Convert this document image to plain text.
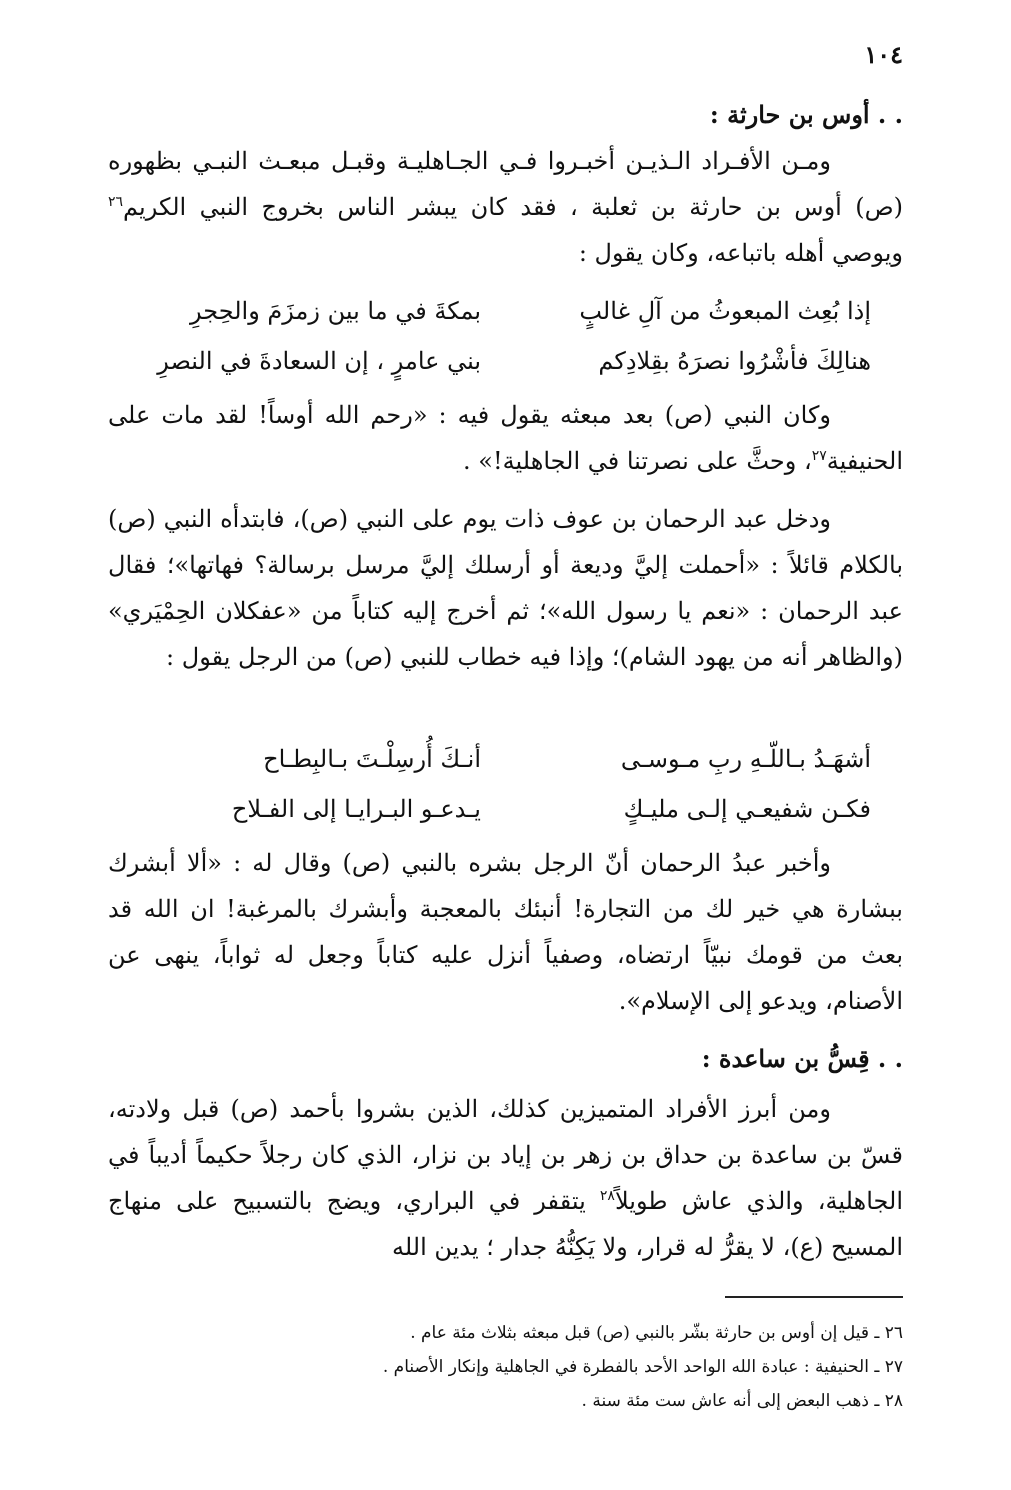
١٠٤
. . أوس بن حارثة :
ومـن الأفـراد الـذيـن أخبـروا فـي الجـاهليـة وقبـل مبعـث النبـي بظهوره (ص) أوس بن حارثة بن ثعلبة ، فقد كان يبشر الناس بخروج النبي الكريم$^{٢٦}$ ويوصي أهله باتباعه، وكان يقول :
إذا بُعِث المبعوثُ من آلِ غالبٍ
بمكةَ في ما بين زمزَمَ والحِجرِ
هنالِكَ فأشْرُوا نصرَهُ بقِلادِكم
بني عامرٍ ، إن السعادةَ في النصرِ
وكان النبي (ص) بعد مبعثه يقول فيه : «رحم الله أوساً! لقد مات على الحنيفية$^{٢٧}$، وحثَّ على نصرتنا في الجاهلية!» .
ودخل عبد الرحمان بن عوف ذات يوم على النبي (ص)، فابتدأه النبي (ص) بالكلام قائلاً : «أحملت إليَّ وديعة أو أرسلك إليَّ مرسل برسالة؟ فهاتها»؛ فقال عبد الرحمان : «نعم يا رسول الله»؛ ثم أخرج إليه كتاباً من «عفكلان الحِمْيَري» (والظاهر أنه من يهود الشام)؛ وإذا فيه خطاب للنبي (ص) من الرجل يقول :
أشهَـدُ بـاللّـهِ ربِ مـوسـى
أنـكَ أُرسِلْـتَ بـالبِطـاح
فكـن شفيعـي إلـى مليـكٍ
يـدعـو البـرايـا إلى الفـلاح
وأخبر عبدُ الرحمان أنّ الرجل بشره بالنبي (ص) وقال له : «ألا أبشرك ببشارة هي خير لك من التجارة! أنبئك بالمعجبة وأبشرك بالمرغبة! ان الله قد بعث من قومك نبيّاً ارتضاه، وصفياً أنزل عليه كتاباً وجعل له ثواباً، ينهى عن الأصنام، ويدعو إلى الإسلام».
. . قِسُّ بن ساعدة :
ومن أبرز الأفراد المتميزين كذلك، الذين بشروا بأحمد (ص) قبل ولادته، قسّ بن ساعدة بن حداق بن زهر بن إياد بن نزار، الذي كان رجلاً حكيماً أديباً في الجاهلية، والذي عاش طويلاً$^{٢٨}$ يتقفر في البراري، ويضج بالتسبيح على منهاج المسيح (ع)، لا يقرُّ له قرار، ولا يَكِنُّهُ جدار ؛ يدين الله
٢٦ ـ قيل إن أوس بن حارثة بشّر بالنبي (ص) قبل مبعثه بثلاث مئة عام .
٢٧ ـ الحنيفية : عبادة الله الواحد الأحد بالفطرة في الجاهلية وإنكار الأصنام .
٢٨ ـ ذهب البعض إلى أنه عاش ست مئة سنة .
